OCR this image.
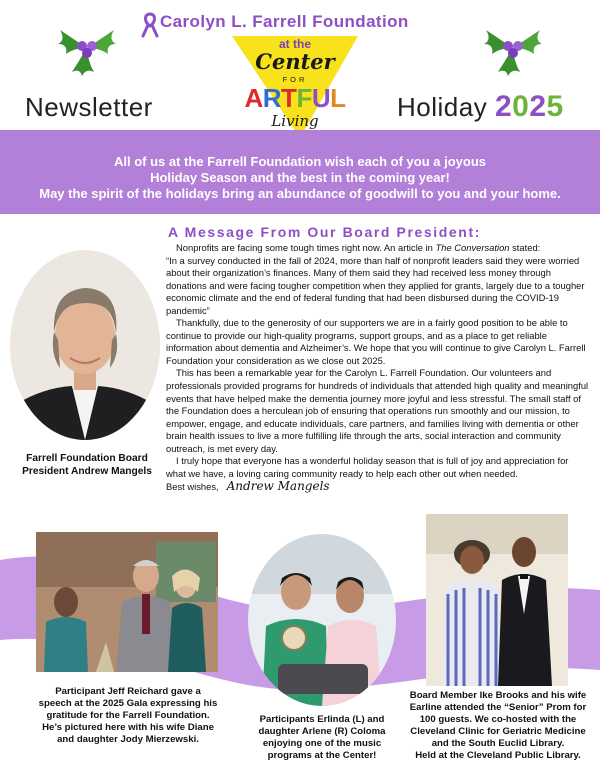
Carolyn L. Farrell Foundation
at the
Center
FOR
ARTFUL
Living
Newsletter	Holiday 2025
All of us at the Farrell Foundation wish each of you a joyous
Holiday Season and the best in the coming year!
May the spirit of the holidays bring an abundance of goodwill to you and your home.
Farrell Foundation Board
President Andrew Mangels
A Message From Our Board President:

Nonprofits are facing some tough times right now. An article in The Conversation stated:

“In a survey conducted in the fall of 2024, more than half of nonprofit leaders said they were worried about their organization’s finances. Many of them said they had received less money through donations and were facing tougher competition when they applied for grants, largely due to a tougher economic climate and the end of federal funding that had been disbursed during the COVID-19 pandemic”

Thankfully, due to the generosity of our supporters we are in a fairly good position to be able to continue to provide our high-quality programs, support groups, and as a place to get reliable information about dementia and Alzheimer’s. We hope that you will continue to give Carolyn L. Farrell Foundation your consideration as we close out 2025.

This has been a remarkable year for the Carolyn L. Farrell Foundation. Our volunteers and professionals provided programs for hundreds of individuals that attended high quality and meaningful events that have helped make the dementia journey more joyful and less stressful. The small staff of the Foundation does a herculean job of ensuring that operations run smoothly and our mission, to empower, engage, and educate individuals, care partners, and families living with dementia or other brain health issues to live a more fulfilling life through the arts, social interaction and community outreach, is met every day.

I truly hope that everyone has a wonderful holiday season that is full of joy and appreciation for what we have, a loving caring community ready to help each other out when needed.

Best wishes, Andrew Mangels

Participant Jeff Reichard gave a
speech at the 2025 Gala expressing his
gratitude for the Farrell Foundation.
He’s pictured here with his wife Diane
and daughter Jody Mierzewski.
Participants Erlinda (L) and
daughter Arlene (R) Coloma
enjoying one of the music
programs at the Center!
Board Member Ike Brooks and his wife
Earline attended the “Senior” Prom for
100 guests. We co-hosted with the
Cleveland Clinic for Geriatric Medicine
and the South Euclid Library.
Held at the Cleveland Public Library.
